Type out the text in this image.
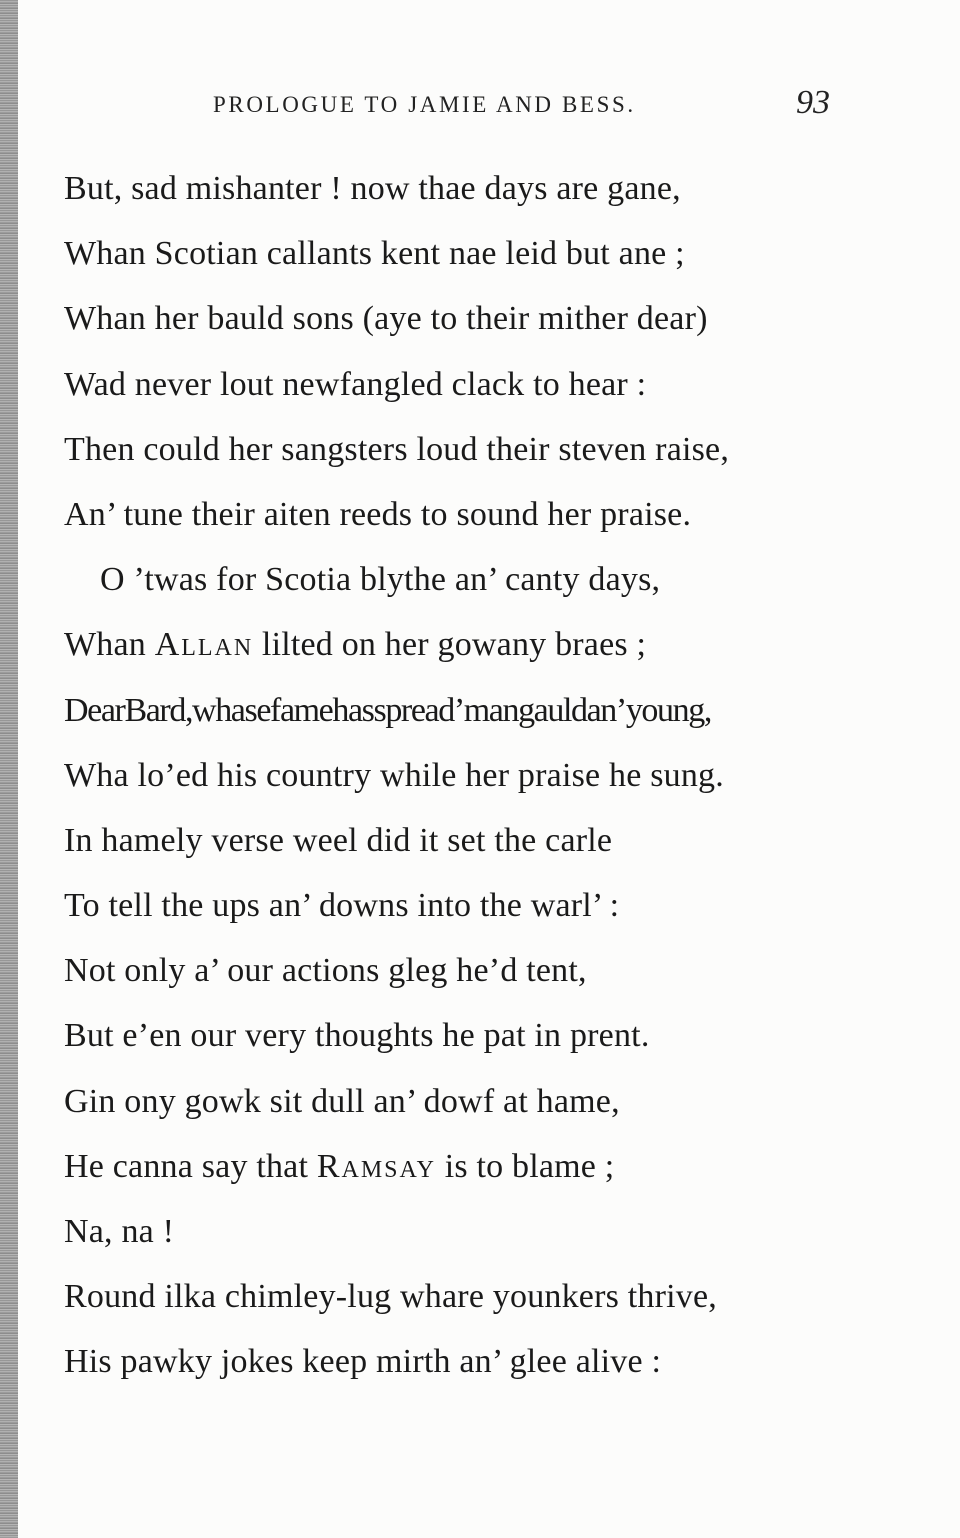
PROLOGUE TO JAMIE AND BESS.	93
But, sad mishanter ! now thae days are gane,
Whan Scotian callants kent nae leid but ane ;
Whan her bauld sons (aye to their mither dear)
Wad never lout newfangled clack to hear :
Then could her sangsters loud their steven raise,
An’ tune their aiten reeds to sound her praise.
O ’twas for Scotia blythe an’ canty days,
Whan Allan lilted on her gowany braes ;
DearBard,whasefamehasspread’mangauldan’young,
Wha lo’ed his country while her praise he sung.
In hamely verse weel did it set the carle
To tell the ups an’ downs into the warl’ :
Not only a’ our actions gleg he’d tent,
But e’en our very thoughts he pat in prent.
Gin ony gowk sit dull an’ dowf at hame,
He canna say that Ramsay is to blame ;
Na, na !
Round ilka chimley-lug whare younkers thrive,
His pawky jokes keep mirth an’ glee alive :
